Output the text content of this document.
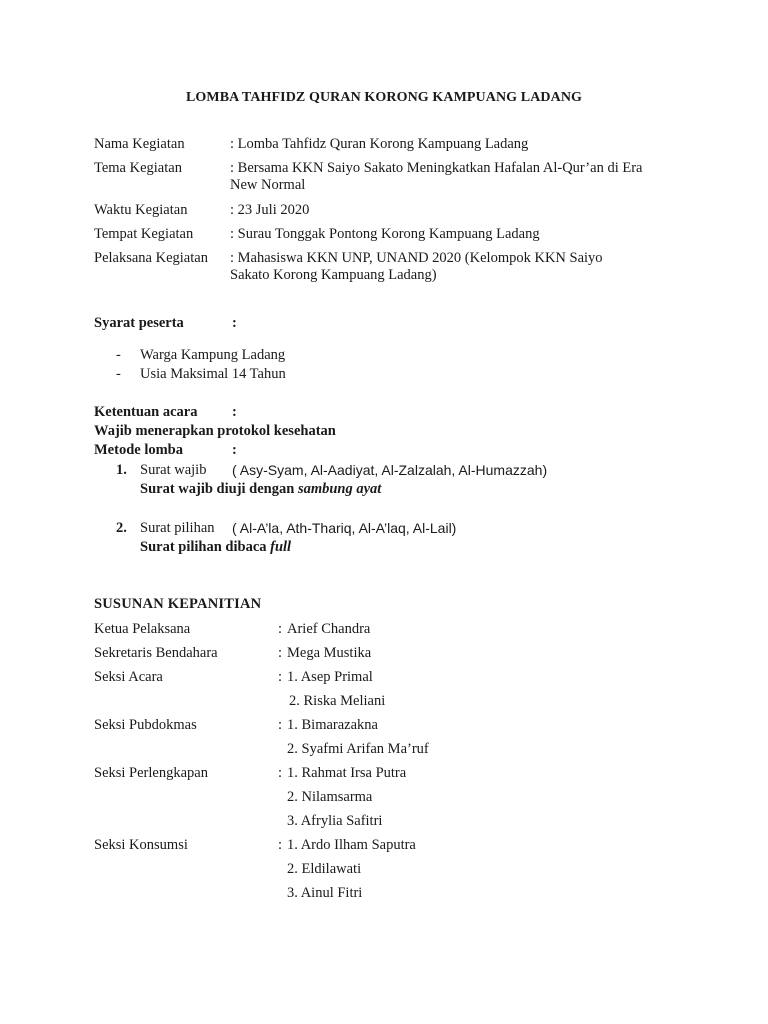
LOMBA TAHFIDZ QURAN KORONG KAMPUANG LADANG
Nama Kegiatan	: Lomba Tahfidz Quran Korong Kampuang Ladang
Tema Kegiatan	: Bersama KKN Saiyo Sakato Meningkatkan Hafalan Al-Qur’an di Era
New Normal
Waktu Kegiatan	: 23 Juli 2020
Tempat Kegiatan	: Surau Tonggak Pontong Korong Kampuang Ladang
Pelaksana Kegiatan : Mahasiswa KKN UNP, UNAND 2020 (Kelompok KKN Saiyo
Sakato Korong Kampuang Ladang)
Syarat peserta	:
- Warga Kampung Ladang
- Usia Maksimal 14 Tahun
Ketentuan acara :
Wajib menerapkan protokol kesehatan
Metode lomba	:
1. Surat wajib ( Asy-Syam, Al-Aadiyat, Al-Zalzalah, Al-Humazzah)
Surat wajib diuji dengan sambung ayat
2. Surat pilihan ( Al-A’la, Ath-Thariq, Al-A’laq, Al-Lail)
Surat pilihan dibaca full
SUSUNAN KEPANITIAN
Ketua Pelaksana	: Arief Chandra
Sekretaris Bendahara	: Mega Mustika
Seksi Acara	: 1. Asep Primal
2. Riska Meliani
Seksi Pubdokmas	: 1. Bimarazakna
2. Syafmi Arifan Ma’ruf
Seksi Perlengkapan	: 1. Rahmat Irsa Putra
2. Nilamsarma
3. Afrylia Safitri
Seksi Konsumsi	: 1. Ardo Ilham Saputra
2. Eldilawati
3. Ainul Fitri
